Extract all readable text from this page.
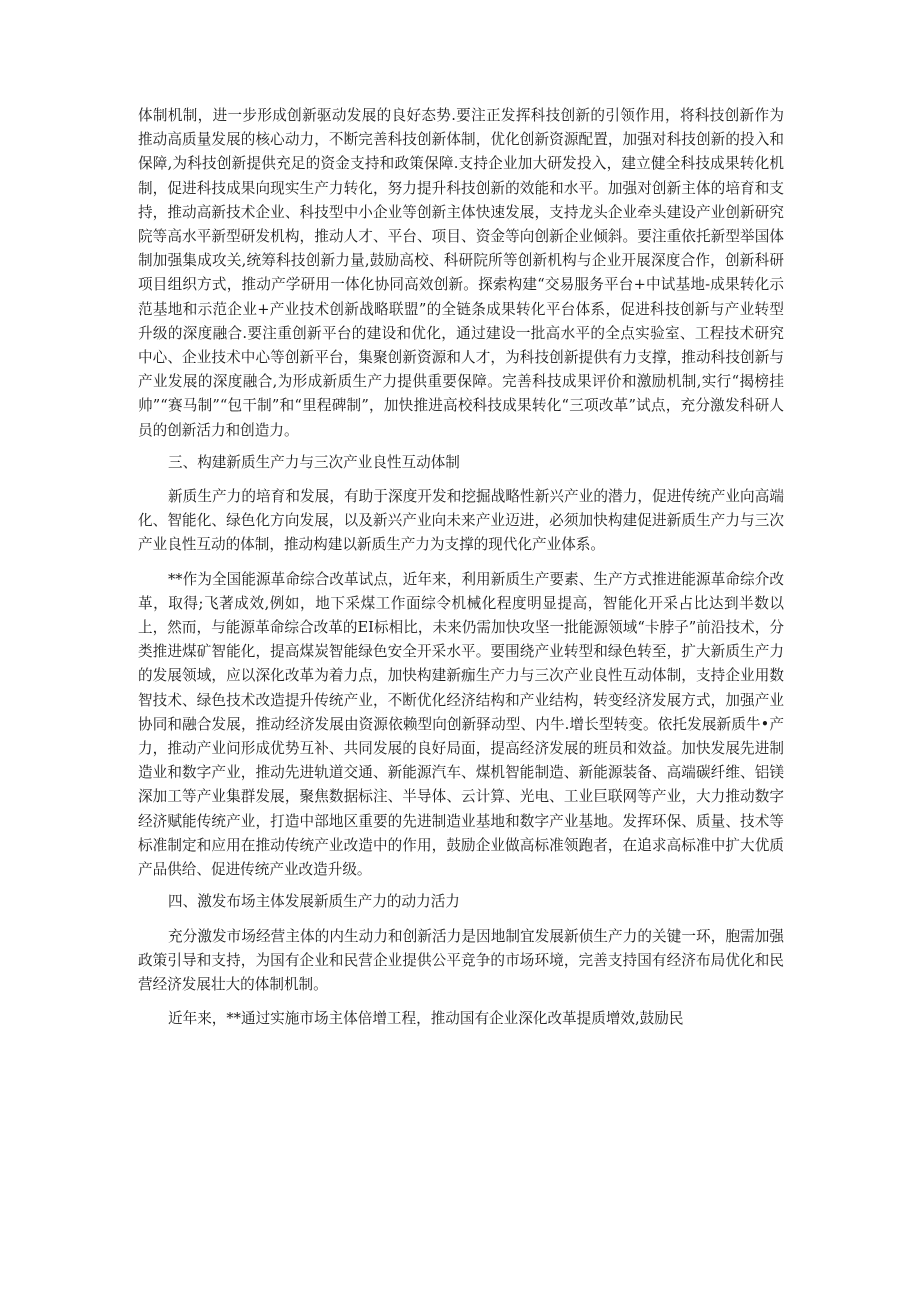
体制机制，进一步形成创新驱动发展的良好态势.要注正发挥科技创新的引领作用，将科技创新作为推动高质量发展的核心动力，不断完善科技创新体制，优化创新资源配置，加强对科技创新的投入和保障,为科技创新提供充足的资金支持和政策保障.支持企业加大研发投入，建立健全科技成果转化机制，促进科技成果向现实生产力转化，努力提升科技创新的效能和水平。加强对创新主体的培育和支持，推动高新技术企业、科技型中小企业等创新主体快速发展，支持龙头企业牵头建设产业创新研究院等高水平新型研发机构，推动人才、平台、项目、资金等向创新企业倾斜。要注重依托新型举国体制加强集成攻关,统筹科技创新力量,鼓励高校、科研院所等创新机构与企业开展深度合作，创新科研项目组织方式，推动产学研用一体化协同高效创新。探索构建“交易服务平台+中试基地-成果转化示范基地和示范企业+产业技术创新战略联盟”的全链条成果转化平台体系，促进科技创新与产业转型升级的深度融合.要注重创新平台的建设和优化，通过建设一批高水平的全点实验室、工程技术研究中心、企业技术中心等创新平台，集聚创新资源和人才，为科技创新提供有力支撑，推动科技创新与产业发展的深度融合,为形成新质生产力提供重要保障。完善科技成果评价和激励机制,实行“揭榜挂帅”“赛马制”“包干制”和“里程碑制”，加快推进高校科技成果转化“三项改革”试点，充分激发科研人员的创新活力和创造力。

三、构建新质生产力与三次产业良性互动体制

新质生产力的培育和发展，有助于深度开发和挖掘战略性新兴产业的潜力，促进传统产业向高端化、智能化、绿色化方向发展，以及新兴产业向未来产业迈进，必须加快构建促进新质生产力与三次产业良性互动的体制，推动构建以新质生产力为支撑的现代化产业体系。

**作为全国能源革命综合改革试点，近年来，利用新质生产要素、生产方式推进能源革命综介改革，取得;飞著成效,例如，地下采煤工作面综令机械化程度明显提高，智能化开采占比达到半数以上，然而，与能源革命综合改革的EI标相比，未来仍需加快攻坚一批能源领域“卡脖子”前沿技术，分类推进煤矿智能化，提高煤炭智能绿色安全开采水平。要围绕产业转型和绿色转至，扩大新质生产力的发展领域，应以深化改革为着力点，加快构建新痂生产力与三次产业良性互动体制，支持企业用数智技术、绿色技术改造提升传统产业，不断优化经济结构和产业结构，转变经济发展方式，加强产业协同和融合发展，推动经济发展由资源依赖型向创新驿动型、内牛.增长型转变。依托发展新质牛•产力，推动产业问形成优势互补、共同发展的良好局面，提高经济发展的班员和效益。加快发展先进制造业和数字产业，推动先进轨道交通、新能源汽车、煤机智能制造、新能源装备、高端碳纤维、铝镁深加工等产业集群发展，聚焦数据标注、半导体、云计算、光电、工业巨联网等产业，大力推动数字经济赋能传统产业，打造中部地区重要的先进制造业基地和数字产业基地。发挥环保、质量、技术等标准制定和应用在推动传统产业改造中的作用，鼓励企业做高标准领跑者，在追求高标准中扩大优质产品供给、促进传统产业改造升级。

四、激发布场主体发展新质生产力的动力活力

充分激发市场经营主体的内生动力和创新活力是因地制宜发展新侦生产力的关键一环，胞需加强政策引导和支持，为国有企业和民营企业提供公平竞争的市场环境，完善支持国有经济布局优化和民营经济发展壮大的体制机制。

近年来，**通过实施市场主体倍增工程，推动国有企业深化改革提质增效,鼓励民
